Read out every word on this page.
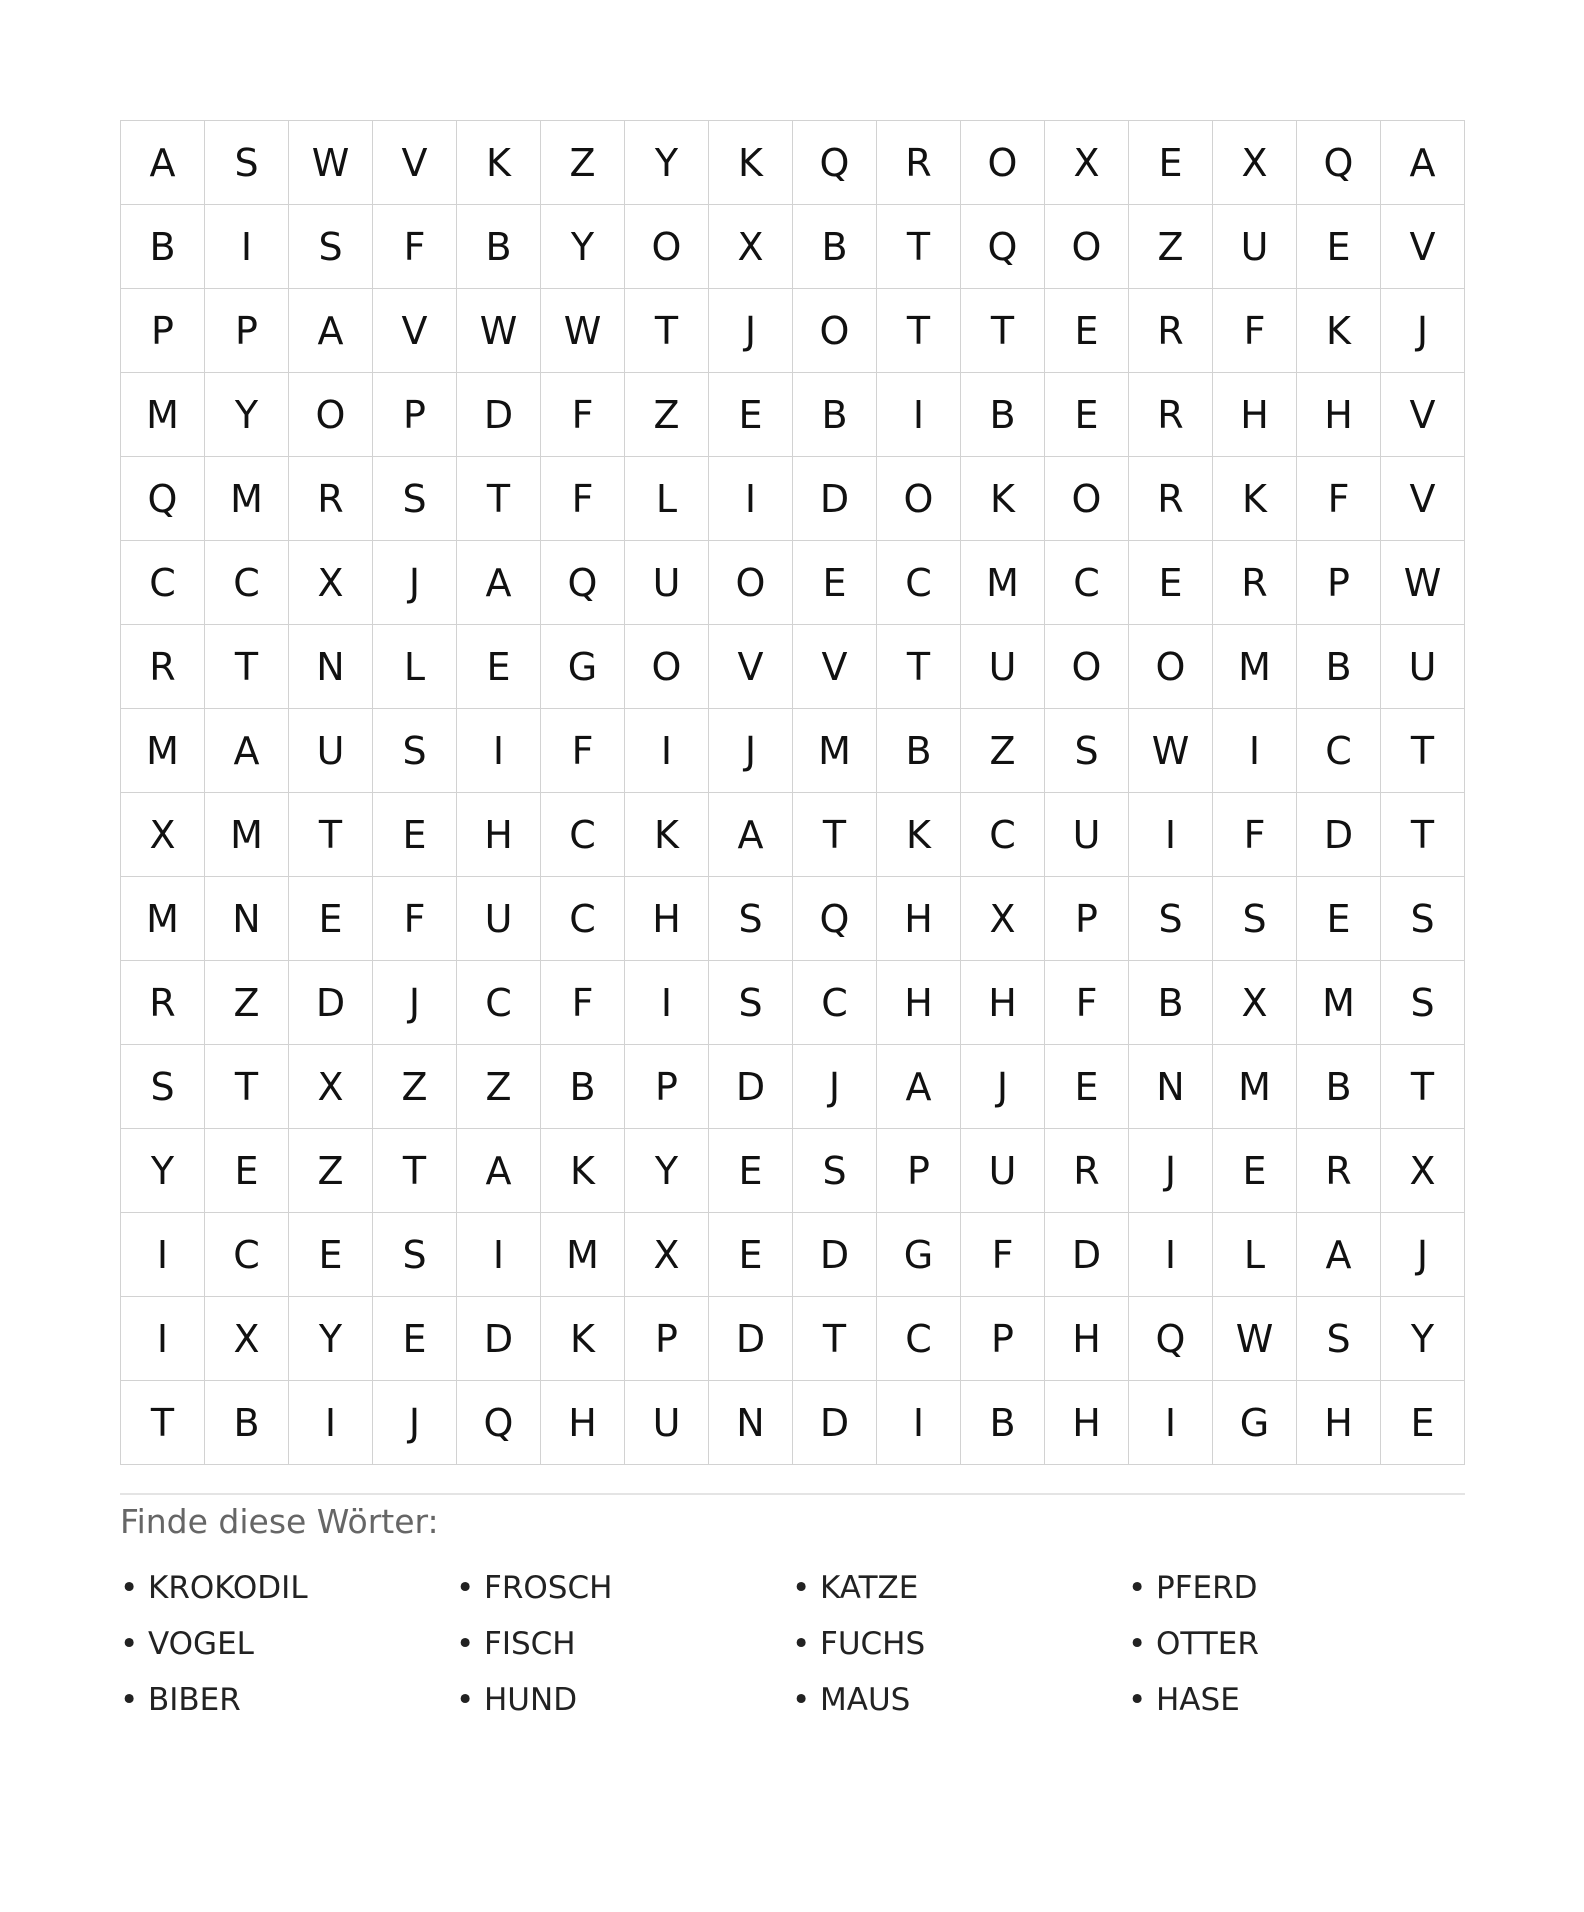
A	S	W	V	K	Z	Y	K	Q	R	O	X	E	X	Q	A
B	I	S	F	B	Y	O	X	B	T	Q	O	Z	U	E	V
P	P	A	V	W	W	T	J	O	T	T	E	R	F	K	J
M	Y	O	P	D	F	Z	E	B	I	B	E	R	H	H	V
Q	M	R	S	T	F	L	I	D	O	K	O	R	K	F	V
C	C	X	J	A	Q	U	O	E	C	M	C	E	R	P	W
R	T	N	L	E	G	O	V	V	T	U	O	O	M	B	U
M	A	U	S	I	F	I	J	M	B	Z	S	W	I	C	T
X	M	T	E	H	C	K	A	T	K	C	U	I	F	D	T
M	N	E	F	U	C	H	S	Q	H	X	P	S	S	E	S
R	Z	D	J	C	F	I	S	C	H	H	F	B	X	M	S
S	T	X	Z	Z	B	P	D	J	A	J	E	N	M	B	T
Y	E	Z	T	A	K	Y	E	S	P	U	R	J	E	R	X
I	C	E	S	I	M	X	E	D	G	F	D	I	L	A	J
I	X	Y	E	D	K	P	D	T	C	P	H	Q	W	S	Y
T	B	I	J	Q	H	U	N	D	I	B	H	I	G	H	E
Finde diese Wörter:
• KROKODIL	• FROSCH	• KATZE	• PFERD
• VOGEL	• FISCH	• FUCHS	• OTTER
• BIBER	• HUND	• MAUS	• HASE
